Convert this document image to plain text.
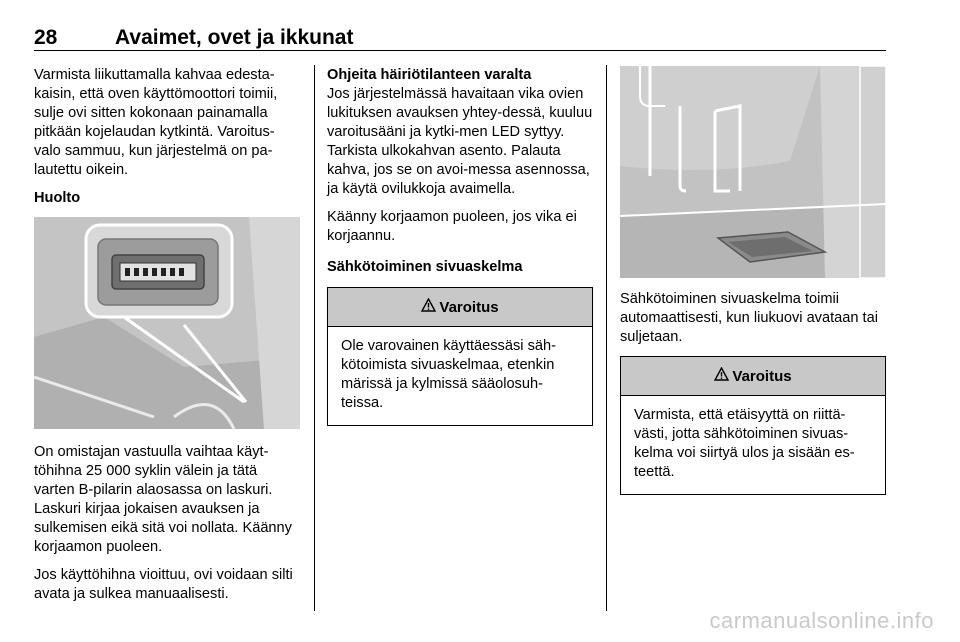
28	Avaimet, ovet ja ikkunat

Varmista liikuttamalla kahvaa edesta-kaisin, että oven käyttömoottori toimii, sulje ovi sitten kokonaan painamalla pitkään kojelaudan kytkintä. Varoitus-valo sammuu, kun järjestelmä on pa-lautettu oikein.

Huolto

On omistajan vastuulla vaihtaa käyt-töhihna 25 000 syklin välein ja tätä varten B-pilarin alaosassa on laskuri. Laskuri kirjaa jokaisen avauksen ja sulkemisen eikä sitä voi nollata. Käänny korjaamon puoleen.

Jos käyttöhihna vioittuu, ovi voidaan silti avata ja sulkea manuaalisesti.

Ohjeita häiriötilanteen varalta

Jos järjestelmässä havaitaan vika ovien lukituksen avauksen yhtey-dessä, kuuluu varoitusääni ja kytki-men LED syttyy. Tarkista ulkokahvan asento. Palauta kahva, jos se on avoi-messa asennossa, ja käytä ovilukkoja avaimella.

Käänny korjaamon puoleen, jos vika ei korjaannu.

Sähkötoiminen sivuaskelma

Varoitus
Ole varovainen käyttäessäsi säh-kötoimista sivuaskelmaa, etenkin märissä ja kylmissä sääolosuh-teissa.

Sähkötoiminen sivuaskelma toimii automaattisesti, kun liukuovi avataan tai suljetaan.

Varoitus
Varmista, että etäisyyttä on riittä-västi, jotta sähkötoiminen sivuas-kelma voi siirtyä ulos ja sisään es-teettä.
carmanualsonline.info
